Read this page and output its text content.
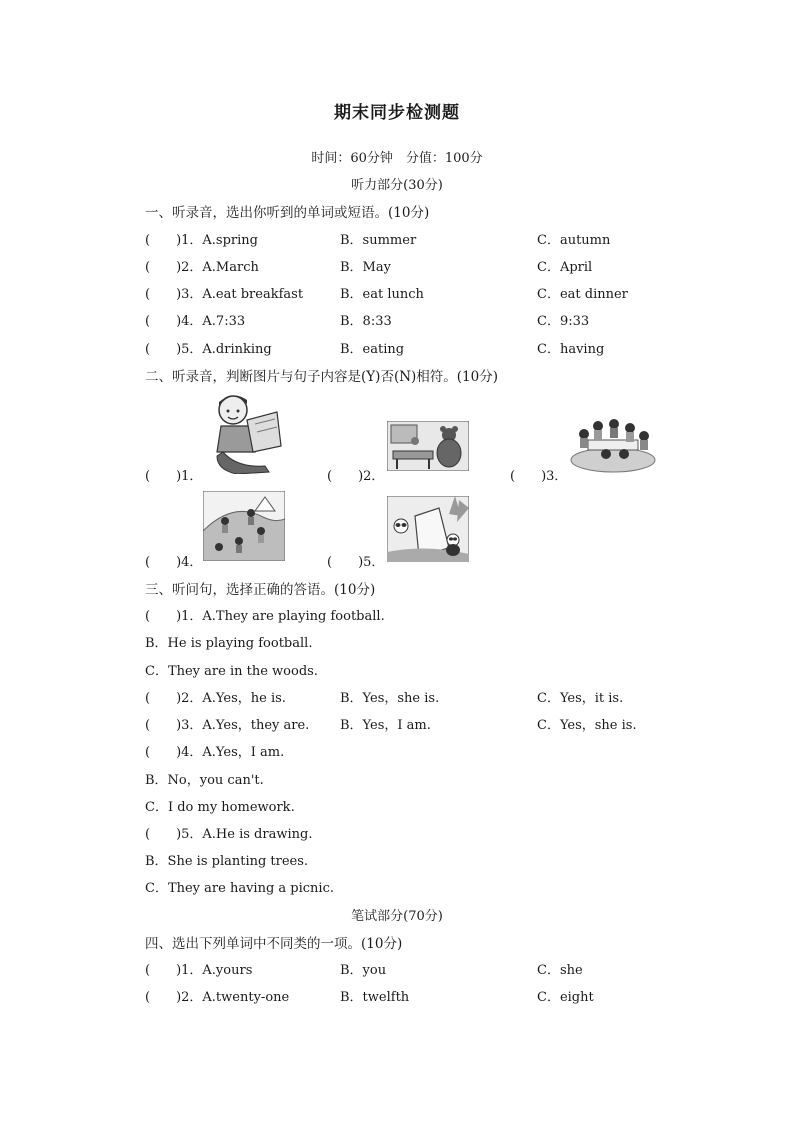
期末同步检测题
时间：60分钟　分值：100分
听力部分(30分)
一、听录音，选出你听到的单词或短语。(10分)
(　　)1．A.spring	B．summer	C．autumn
(　　)2．A.March	B．May	C．April
(　　)3．A.eat breakfast	B．eat lunch	C．eat dinner
(　　)4．A.7:33	B．8:33	C．9:33
(　　)5．A.drinking	B．eating	C．having
二、听录音，判断图片与句子内容是(Y)否(N)相符。(10分)
(　　)1．	(　　)2．	(　　)3．
(　　)4．	(　　)5．
三、听问句，选择正确的答语。(10分)
(　　)1．A.They are playing football.
B．He is playing football.
C．They are in the woods.
(　　)2．A.Yes，he is.	B．Yes，she is.	C．Yes，it is.
(　　)3．A.Yes，they are. B．Yes，I am.	C．Yes，she is.
(　　)4．A.Yes，I am.
B．No，you can't.
C．I do my homework.
(　　)5．A.He is drawing.
B．She is planting trees.
C．They are having a picnic.
笔试部分(70分)
四、选出下列单词中不同类的一项。(10分)
(　　)1．A.yours	B．you	C．she
(　　)2．A.twenty-one	B．twelfth	C．eight
